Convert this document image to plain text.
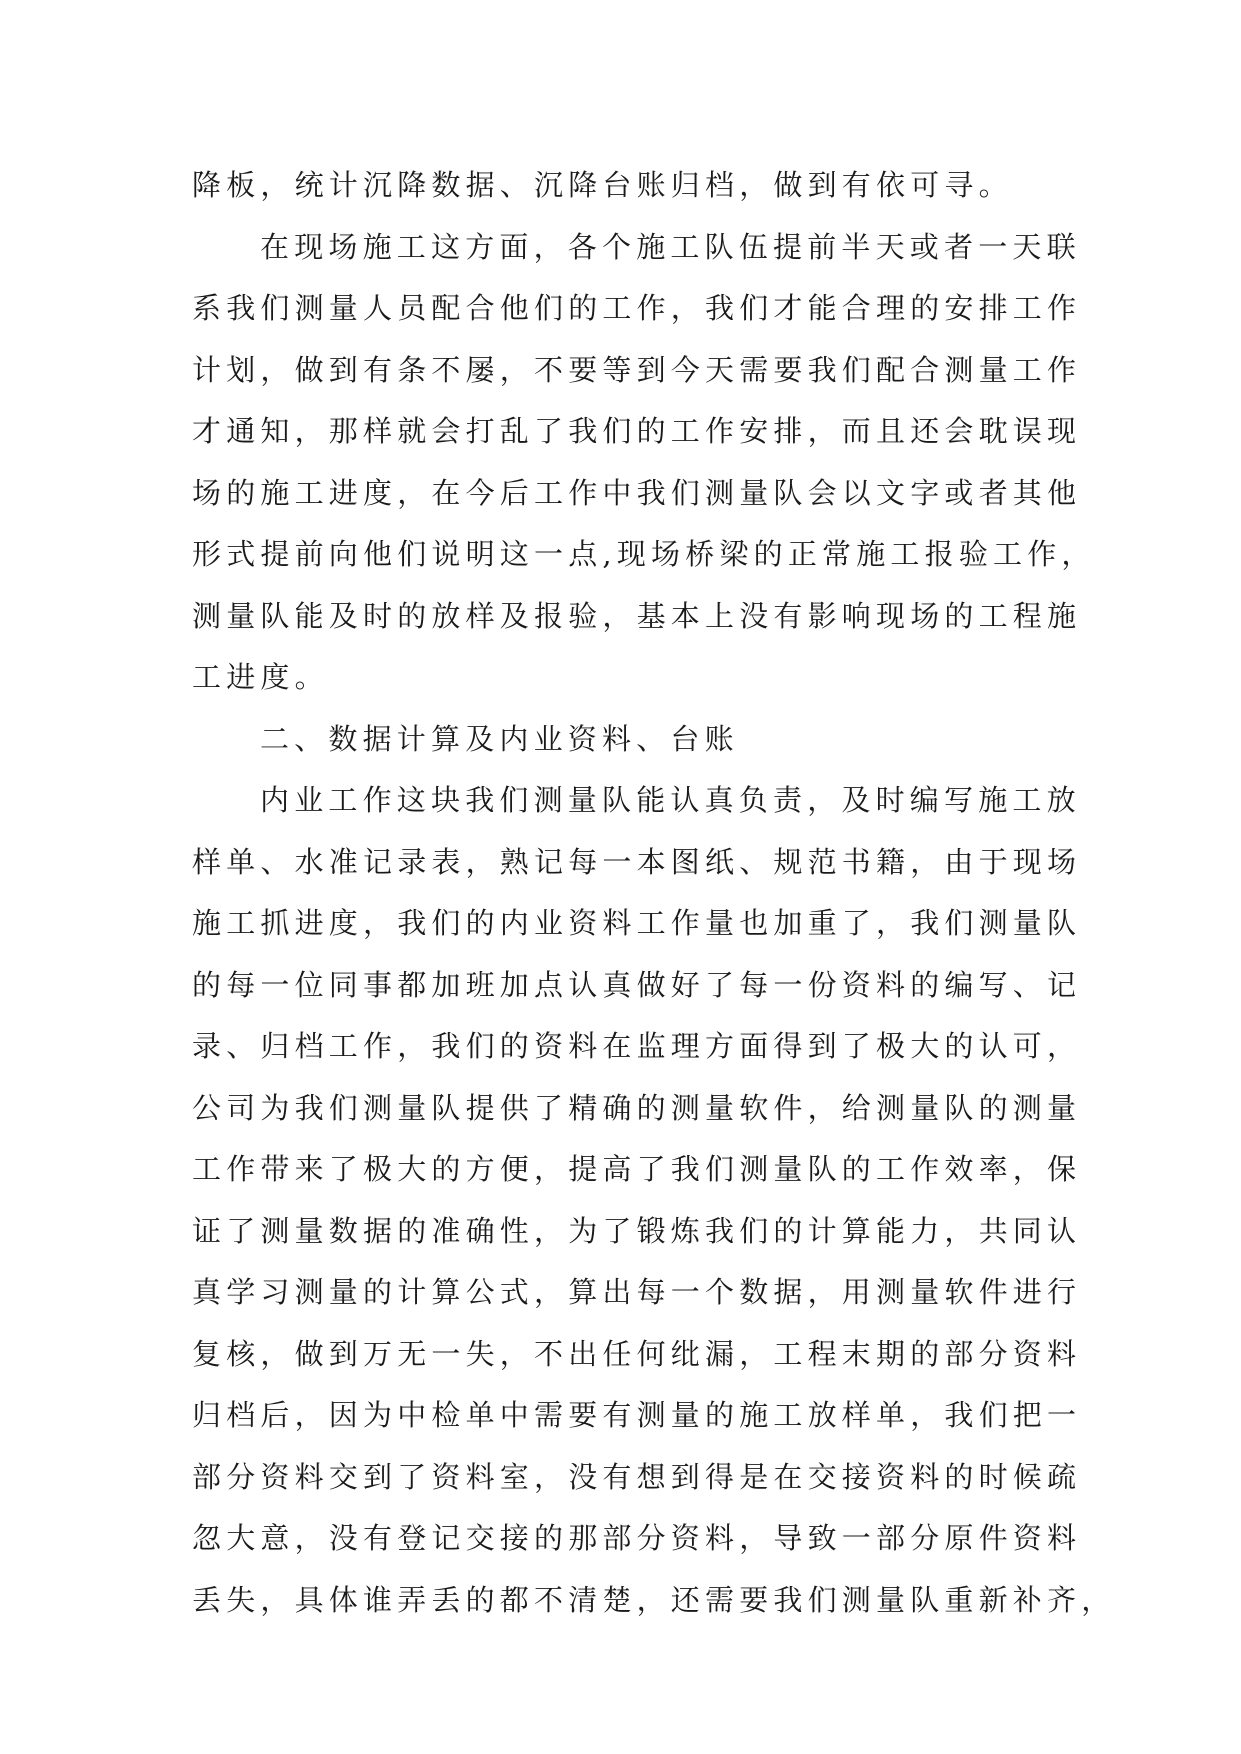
降板，统计沉降数据、沉降台账归档，做到有依可寻。
在现场施工这方面，各个施工队伍提前半天或者一天联
系我们测量人员配合他们的工作，我们才能合理的安排工作
计划，做到有条不屡，不要等到今天需要我们配合测量工作
才通知，那样就会打乱了我们的工作安排，而且还会耽误现
场的施工进度，在今后工作中我们测量队会以文字或者其他
形式提前向他们说明这一点,现场桥梁的正常施工报验工作，
测量队能及时的放样及报验，基本上没有影响现场的工程施
工进度。
二、数据计算及内业资料、台账
内业工作这块我们测量队能认真负责，及时编写施工放
样单、水准记录表，熟记每一本图纸、规范书籍，由于现场
施工抓进度，我们的内业资料工作量也加重了，我们测量队
的每一位同事都加班加点认真做好了每一份资料的编写、记
录、归档工作，我们的资料在监理方面得到了极大的认可，
公司为我们测量队提供了精确的测量软件，给测量队的测量
工作带来了极大的方便，提高了我们测量队的工作效率，保
证了测量数据的准确性，为了锻炼我们的计算能力，共同认
真学习测量的计算公式，算出每一个数据，用测量软件进行
复核，做到万无一失，不出任何纰漏，工程末期的部分资料
归档后，因为中检单中需要有测量的施工放样单，我们把一
部分资料交到了资料室，没有想到得是在交接资料的时候疏
忽大意，没有登记交接的那部分资料，导致一部分原件资料
丢失，具体谁弄丢的都不清楚，还需要我们测量队重新补齐，
